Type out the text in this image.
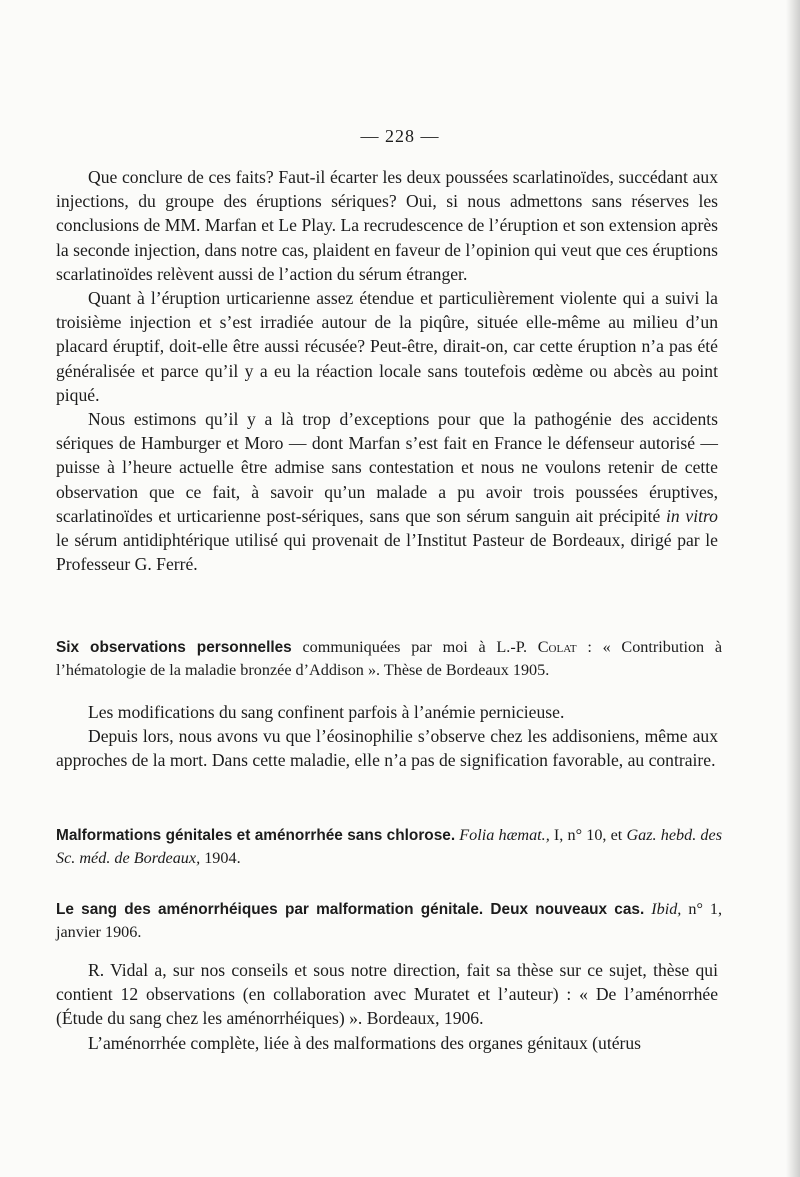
— 228 —

Que conclure de ces faits? Faut-il écarter les deux poussées scarlatinoïdes, succédant aux injections, du groupe des éruptions sériques? Oui, si nous admettons sans réserves les conclusions de MM. Marfan et Le Play. La recrudescence de l’éruption et son extension après la seconde injection, dans notre cas, plaident en faveur de l’opinion qui veut que ces éruptions scarlatinoïdes relèvent aussi de l’action du sérum étranger.

Quant à l’éruption urticarienne assez étendue et particulièrement violente qui a suivi la troisième injection et s’est irradiée autour de la piqûre, située elle-même au milieu d’un placard éruptif, doit-elle être aussi récusée? Peut-être, dirait-on, car cette éruption n’a pas été généralisée et parce qu’il y a eu la réaction locale sans toutefois œdème ou abcès au point piqué.

Nous estimons qu’il y a là trop d’exceptions pour que la pathogénie des accidents sériques de Hamburger et Moro — dont Marfan s’est fait en France le défenseur autorisé — puisse à l’heure actuelle être admise sans contestation et nous ne voulons retenir de cette observation que ce fait, à savoir qu’un malade a pu avoir trois poussées éruptives, scarlatinoïdes et urticarienne post-sériques, sans que son sérum sanguin ait précipité in vitro le sérum antidiphtérique utilisé qui provenait de l’Institut Pasteur de Bordeaux, dirigé par le Professeur G. Ferré.

Six observations personnelles communiquées par moi à L.-P. Colat : « Contribution à l’hématologie de la maladie bronzée d’Addison ». Thèse de Bordeaux 1905.

Les modifications du sang confinent parfois à l’anémie pernicieuse.

Depuis lors, nous avons vu que l’éosinophilie s’observe chez les addisoniens, même aux approches de la mort. Dans cette maladie, elle n’a pas de signification favorable, au contraire.

Malformations génitales et aménorrhée sans chlorose. Folia hæmat., I, n° 10, et Gaz. hebd. des Sc. méd. de Bordeaux, 1904.
Le sang des aménorrhéiques par malformation génitale. Deux nouveaux cas. Ibid, n° 1, janvier 1906.

R. Vidal a, sur nos conseils et sous notre direction, fait sa thèse sur ce sujet, thèse qui contient 12 observations (en collaboration avec Muratet et l’auteur) : « De l’aménorrhée (Étude du sang chez les aménorrhéiques) ». Bordeaux, 1906.

L’aménorrhée complète, liée à des malformations des organes génitaux (utérus
